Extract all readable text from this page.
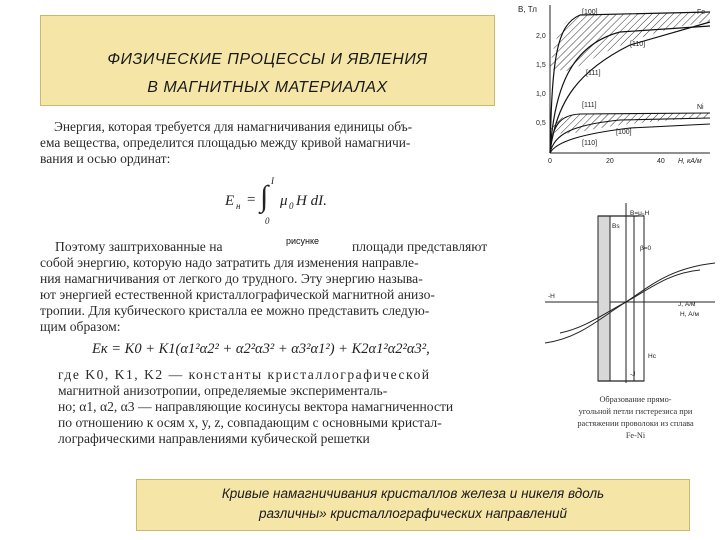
ФИЗИЧЕСКИЕ ПРОЦЕССЫ И ЯВЛЕНИЯ
В МАГНИТНЫХ МАТЕРИАЛАХ
Энергия, которая требуется для намагничивания единицы объ-
ема вещества, определится площадью между кривой намагничи-
вания и осью ординат:
E н = ∫ I
0
μ 0 H dI.
Поэтому заштрихованные на	рисунке площади представляют
собой энергию, которую надо затратить для изменения направле-
ния намагничивания от легкого до трудного. Эту энергию называ-
ют энергией естественной кристаллографической магнитной анизо-
тропии. Для кубического кристалла ее можно представить следую-
щим образом:
Eк = K0 + K1(α1²α2² + α2²α3² + α3²α1²) + K2α1²α2²α3²,
где K0, K1, K2 — константы кристаллографической
магнитной анизотропии, определяемые эксперименталь-
но; α1, α2, α3 — направляющие косинусы вектора намагниченности
по отношению к осям x, y, z, совпадающим с основными кристал-
лографическими направлениями кубической решетки
B, Тл
H, кА/м
2,0
1,5
1,0
0,5
0	20	40
Fe
[100]
[110]
[111]
Ni
[111]
[100]
[110]
B=μ₀H
β=0
J, А/м
H, А/м
-H
-J
Bs
Hc
Образование прямо-
угольной петли гистерезиса при
растяжении проволоки из сплава
Fe-Ni
Кривые намагничивания кристаллов железа и никеля вдоль
различны» кристаллографических направлений
